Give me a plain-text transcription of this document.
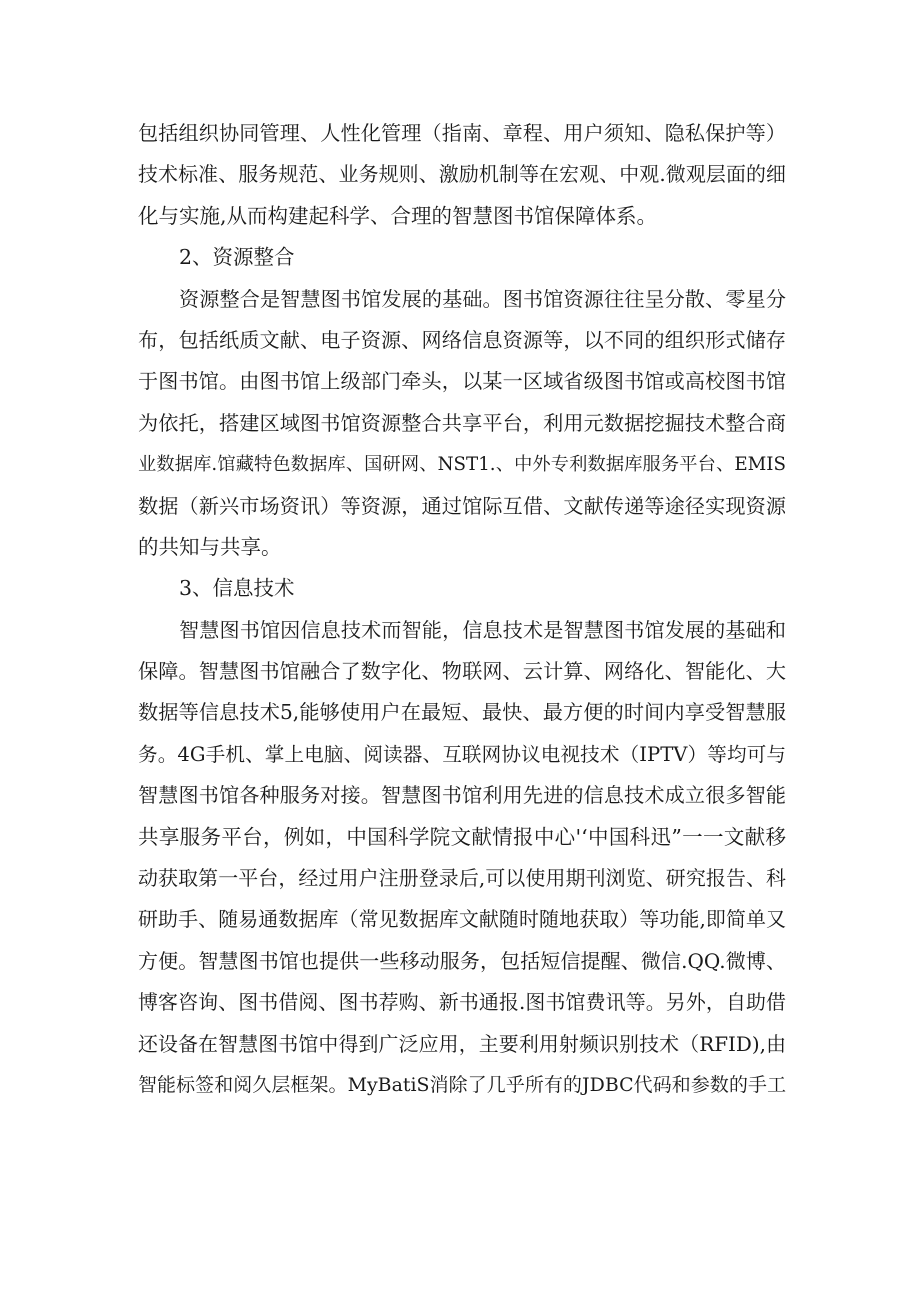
包括组织协同管理、人性化管理（指南、章程、用户须知、隐私保护等）
技术标准、服务规范、业务规则、激励机制等在宏观、中观.微观层面的细
化与实施,从而构建起科学、合理的智慧图书馆保障体系。
2、资源整合
资源整合是智慧图书馆发展的基础。图书馆资源往往呈分散、零星分
布，包括纸质文献、电子资源、网络信息资源等，以不同的组织形式储存
于图书馆。由图书馆上级部门牵头，以某一区域省级图书馆或高校图书馆
为依托，搭建区域图书馆资源整合共享平台，利用元数据挖掘技术整合商
业数据库.馆藏特色数据库、国研网、NST1.、中外专利数据库服务平台、EMIS
数据（新兴市场资讯）等资源，通过馆际互借、文献传递等途径实现资源
的共知与共享。
3、信息技术
智慧图书馆因信息技术而智能，信息技术是智慧图书馆发展的基础和
保障。智慧图书馆融合了数字化、物联网、云计算、网络化、智能化、大
数据等信息技术5,能够使用户在最短、最快、最方便的时间内享受智慧服
务。4G手机、掌上电脑、阅读器、互联网协议电视技术（IPTV）等均可与
智慧图书馆各种服务对接。智慧图书馆利用先进的信息技术成立很多智能
共享服务平台，例如，中国科学院文献情报中心'‘中国科迅”一一文献移
动获取第一平台，经过用户注册登录后,可以使用期刊浏览、研究报告、科
研助手、随易通数据库（常见数据库文献随时随地获取）等功能,即简单又
方便。智慧图书馆也提供一些移动服务，包括短信提醒、微信.QQ.微博、
博客咨询、图书借阅、图书荐购、新书通报.图书馆费讯等。另外，自助借
还设备在智慧图书馆中得到广泛应用，主要利用射频识别技术（RFID),由
智能标签和阅久层框架。MyBatiS消除了几乎所有的JDBC代码和参数的手工
